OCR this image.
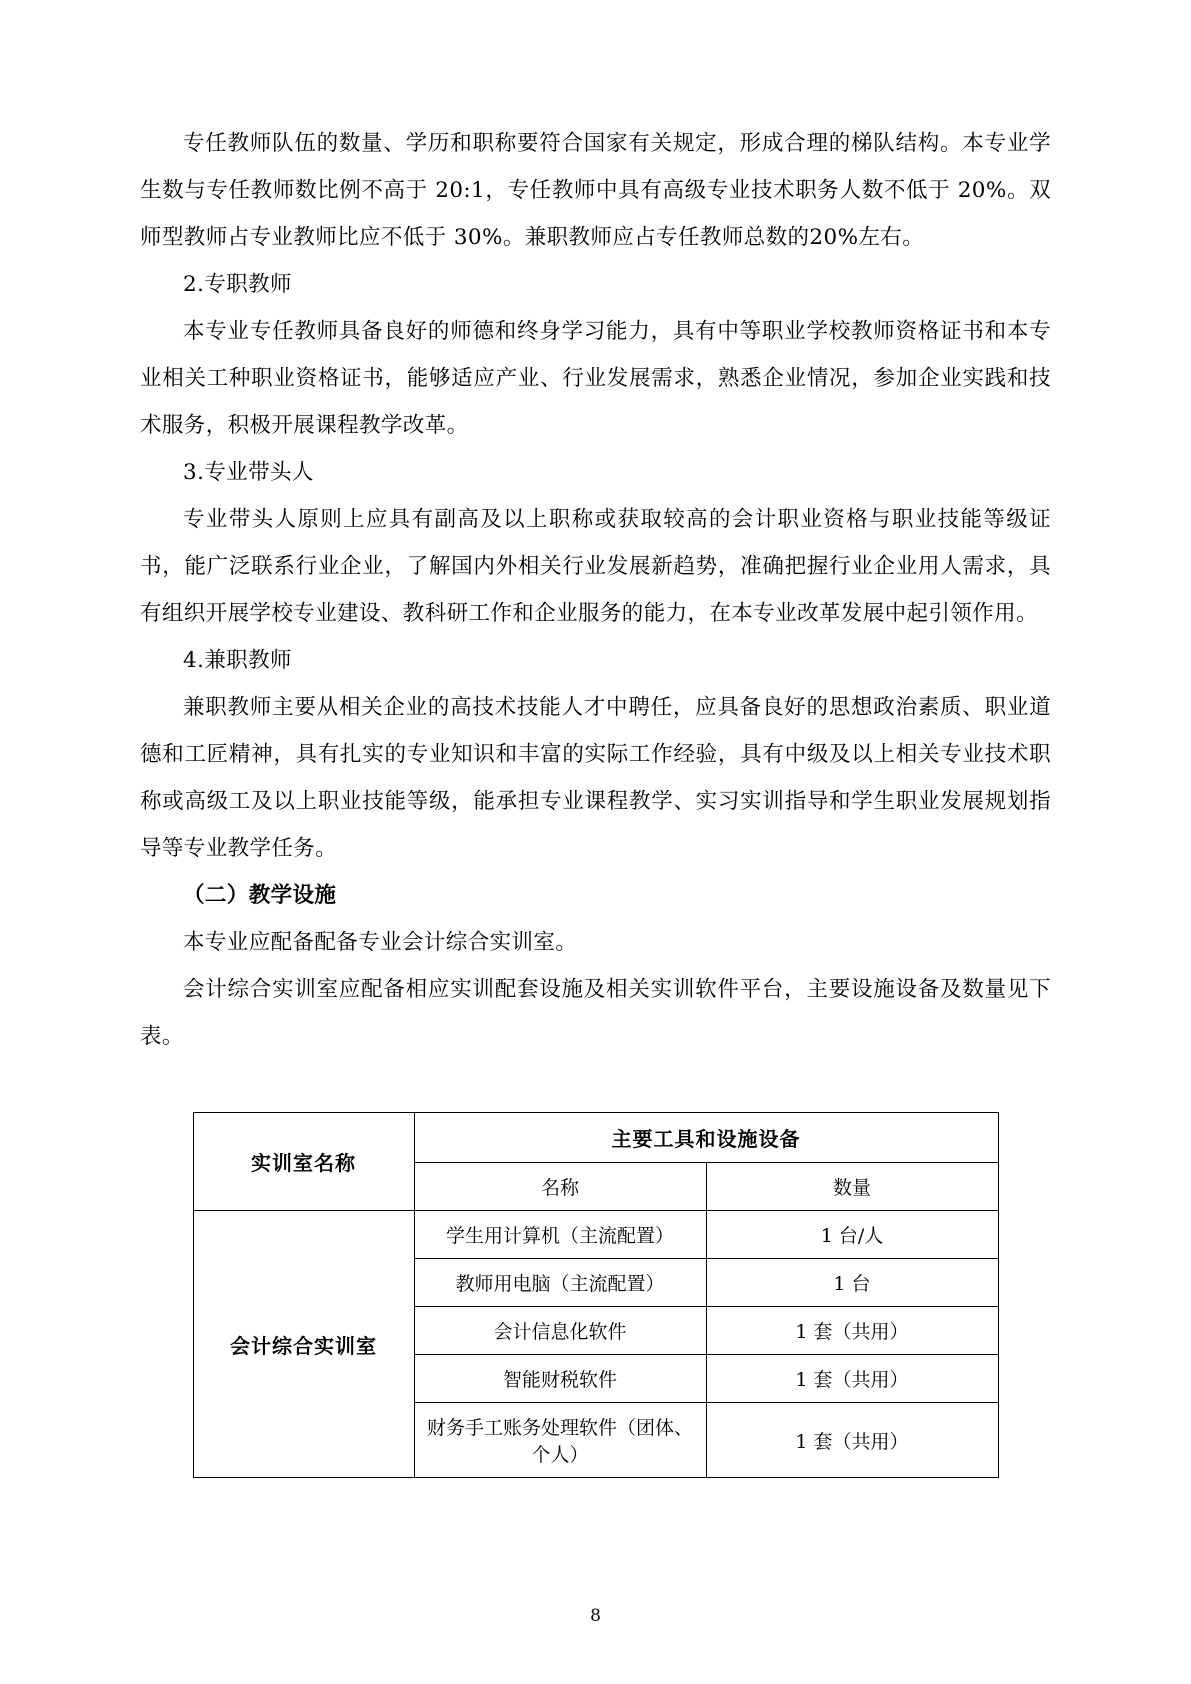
专任教师队伍的数量、学历和职称要符合国家有关规定，形成合理的梯队结构。本专业学生数与专任教师数比例不高于 20:1，专任教师中具有高级专业技术职务人数不低于 20%。双师型教师占专业教师比应不低于 30%。兼职教师应占专任教师总数的20%左右。

2.专职教师

本专业专任教师具备良好的师德和终身学习能力，具有中等职业学校教师资格证书和本专业相关工种职业资格证书，能够适应产业、行业发展需求，熟悉企业情况，参加企业实践和技术服务，积极开展课程教学改革。

3.专业带头人

专业带头人原则上应具有副高及以上职称或获取较高的会计职业资格与职业技能等级证书，能广泛联系行业企业，了解国内外相关行业发展新趋势，准确把握行业企业用人需求，具有组织开展学校专业建设、教科研工作和企业服务的能力，在本专业改革发展中起引领作用。

4.兼职教师

兼职教师主要从相关企业的高技术技能人才中聘任，应具备良好的思想政治素质、职业道德和工匠精神，具有扎实的专业知识和丰富的实际工作经验，具有中级及以上相关专业技术职称或高级工及以上职业技能等级，能承担专业课程教学、实习实训指导和学生职业发展规划指导等专业教学任务。

（二）教学设施

本专业应配备配备专业会计综合实训室。

会计综合实训室应配备相应实训配套设施及相关实训软件平台，主要设施设备及数量见下表。

实训室名称	主要工具和设施设备	
	名称	数量
会计综合实训室	学生用计算机（主流配置）	1 台/人
	教师用电脑（主流配置）	1 台
	会计信息化软件	1 套（共用）
	智能财税软件	1 套（共用）
	财务手工账务处理软件（团体、个人）	1 套（共用）
8
